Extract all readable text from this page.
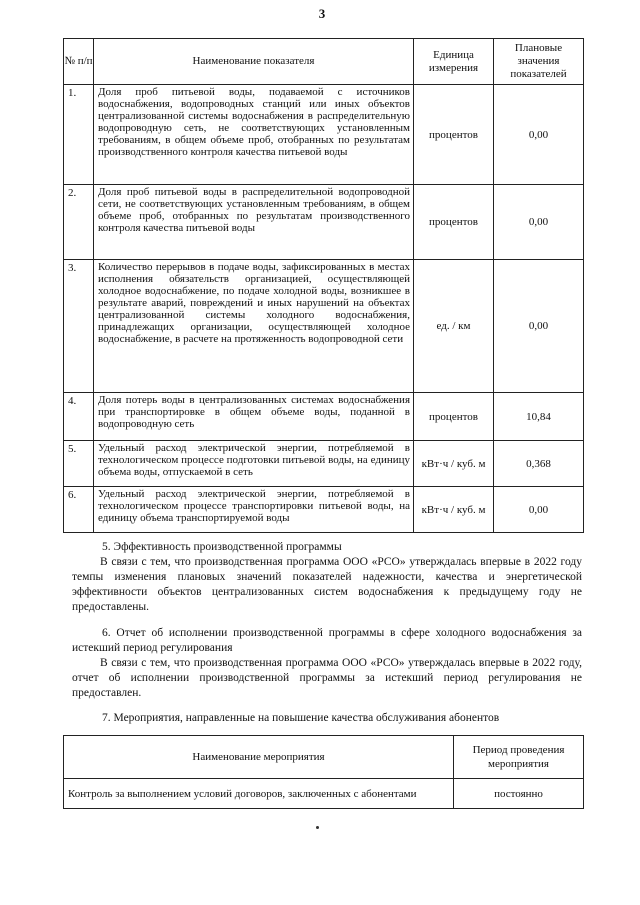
3
№ п/п	Наименование показателя	Единица измерения	Плановые значения показателей
1.	Доля проб питьевой воды, подаваемой с источников водоснабжения, водопроводных станций или иных объектов централизованной системы водоснабжения в распределительную водопроводную сеть, не соответствующих установленным требованиям, в общем объеме проб, отобранных по результатам производственного контроля качества питьевой воды	процентов	0,00
2.	Доля проб питьевой воды в распределительной водопроводной сети, не соответствующих установленным требованиям, в общем объеме проб, отобранных по результатам производственного контроля качества питьевой воды	процентов	0,00
3.	Количество перерывов в подаче воды, зафиксированных в местах исполнения обязательств организацией, осуществляющей холодное водоснабжение, по подаче холодной воды, возникшее в результате аварий, повреждений и иных нарушений на объектах централизованной системы холодного водоснабжения, принадлежащих организации, осуществляющей холодное водоснабжение, в расчете на протяженность водопроводной сети	ед. / км	0,00
4.	Доля потерь воды в централизованных системах водоснабжения при транспортировке в общем объеме воды, поданной в водопроводную сеть	процентов	10,84
5.	Удельный расход электрической энергии, потребляемой в технологическом процессе подготовки питьевой воды, на единицу объема воды, отпускаемой в сеть	кВт·ч / куб. м	0,368
6.	Удельный расход электрической энергии, потребляемой в технологическом процессе транспортировки питьевой воды, на единицу объема транспортируемой воды	кВт·ч / куб. м	0,00

5. Эффективность производственной программы

В связи с тем, что производственная программа ООО «РСО» утверждалась впервые в 2022 году темпы изменения плановых значений показателей надежности, качества и энергетической эффективности объектов централизованных систем водоснабжения к предыдущему году не предоставлены.

6. Отчет об исполнении производственной программы в сфере холодного водоснабжения за истекший период регулирования

В связи с тем, что производственная программа ООО «РСО» утверждалась впервые в 2022 году, отчет об исполнении производственной программы за истекший период регулирования не предоставлен.

7. Мероприятия, направленные на повышение качества обслуживания абонентов

Наименование мероприятия	Период проведения мероприятия
Контроль за выполнением условий договоров, заключенных с абонентами	постоянно
